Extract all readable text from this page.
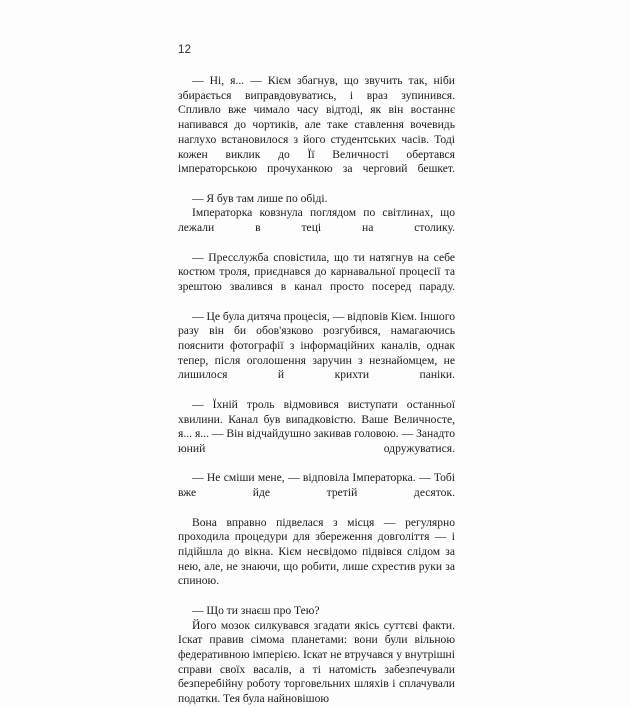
12

— Ні, я... — Кієм збагнув, що звучить так, ніби збирається виправдовуватись, і враз зупинився. Спливло вже чимало часу відтоді, як він востаннє напивався до чортиків, але таке ставлення вочевидь наглухо встановилося з його студентських часів. Тоді кожен виклик до Її Величності обертався імператорською прочуханкою за черговий бешкет.

— Я був там лише по обіді.

Імператорка ковзнула поглядом по світлинах, що лежали в теці на столику.

— Пресслужба сповістила, що ти натягнув на себе костюм троля, приєднався до карнавальної процесії та зрештою звалився в канал просто посеред параду.

— Це була дитяча процесія, — відповів Кієм. Іншого разу він би обов'язково розгубився, намагаючись пояснити фотографії з інформаційних каналів, однак тепер, після оголошення заручин з незнайомцем, не лишилося й крихти паніки.

— Їхній троль відмовився виступати останньої хвилини. Канал був випадковістю. Ваше Величносте, я... я... — Він відчайдушно закивав головою. — Занадто юний одружуватися.

— Не сміши мене, — відповіла Імператорка. — Тобі вже йде третій десяток.

Вона вправно підвелася з місця — регулярно проходила процедури для збереження довголіття — і підійшла до вікна. Кієм несвідомо підвівся слідом за нею, але, не знаючи, що робити, лише схрестив руки за спиною.

— Що ти знаєш про Тею?

Його мозок силкувався згадати якісь суттєві факти. Іскат правив сімома планетами: вони були вільною федеративною імперією. Іскат не втручався у внутрішні справи своїх васалів, а ті натомість забезпечували безперебійну роботу торговельних шляхів і сплачували податки. Тея була найновішою
